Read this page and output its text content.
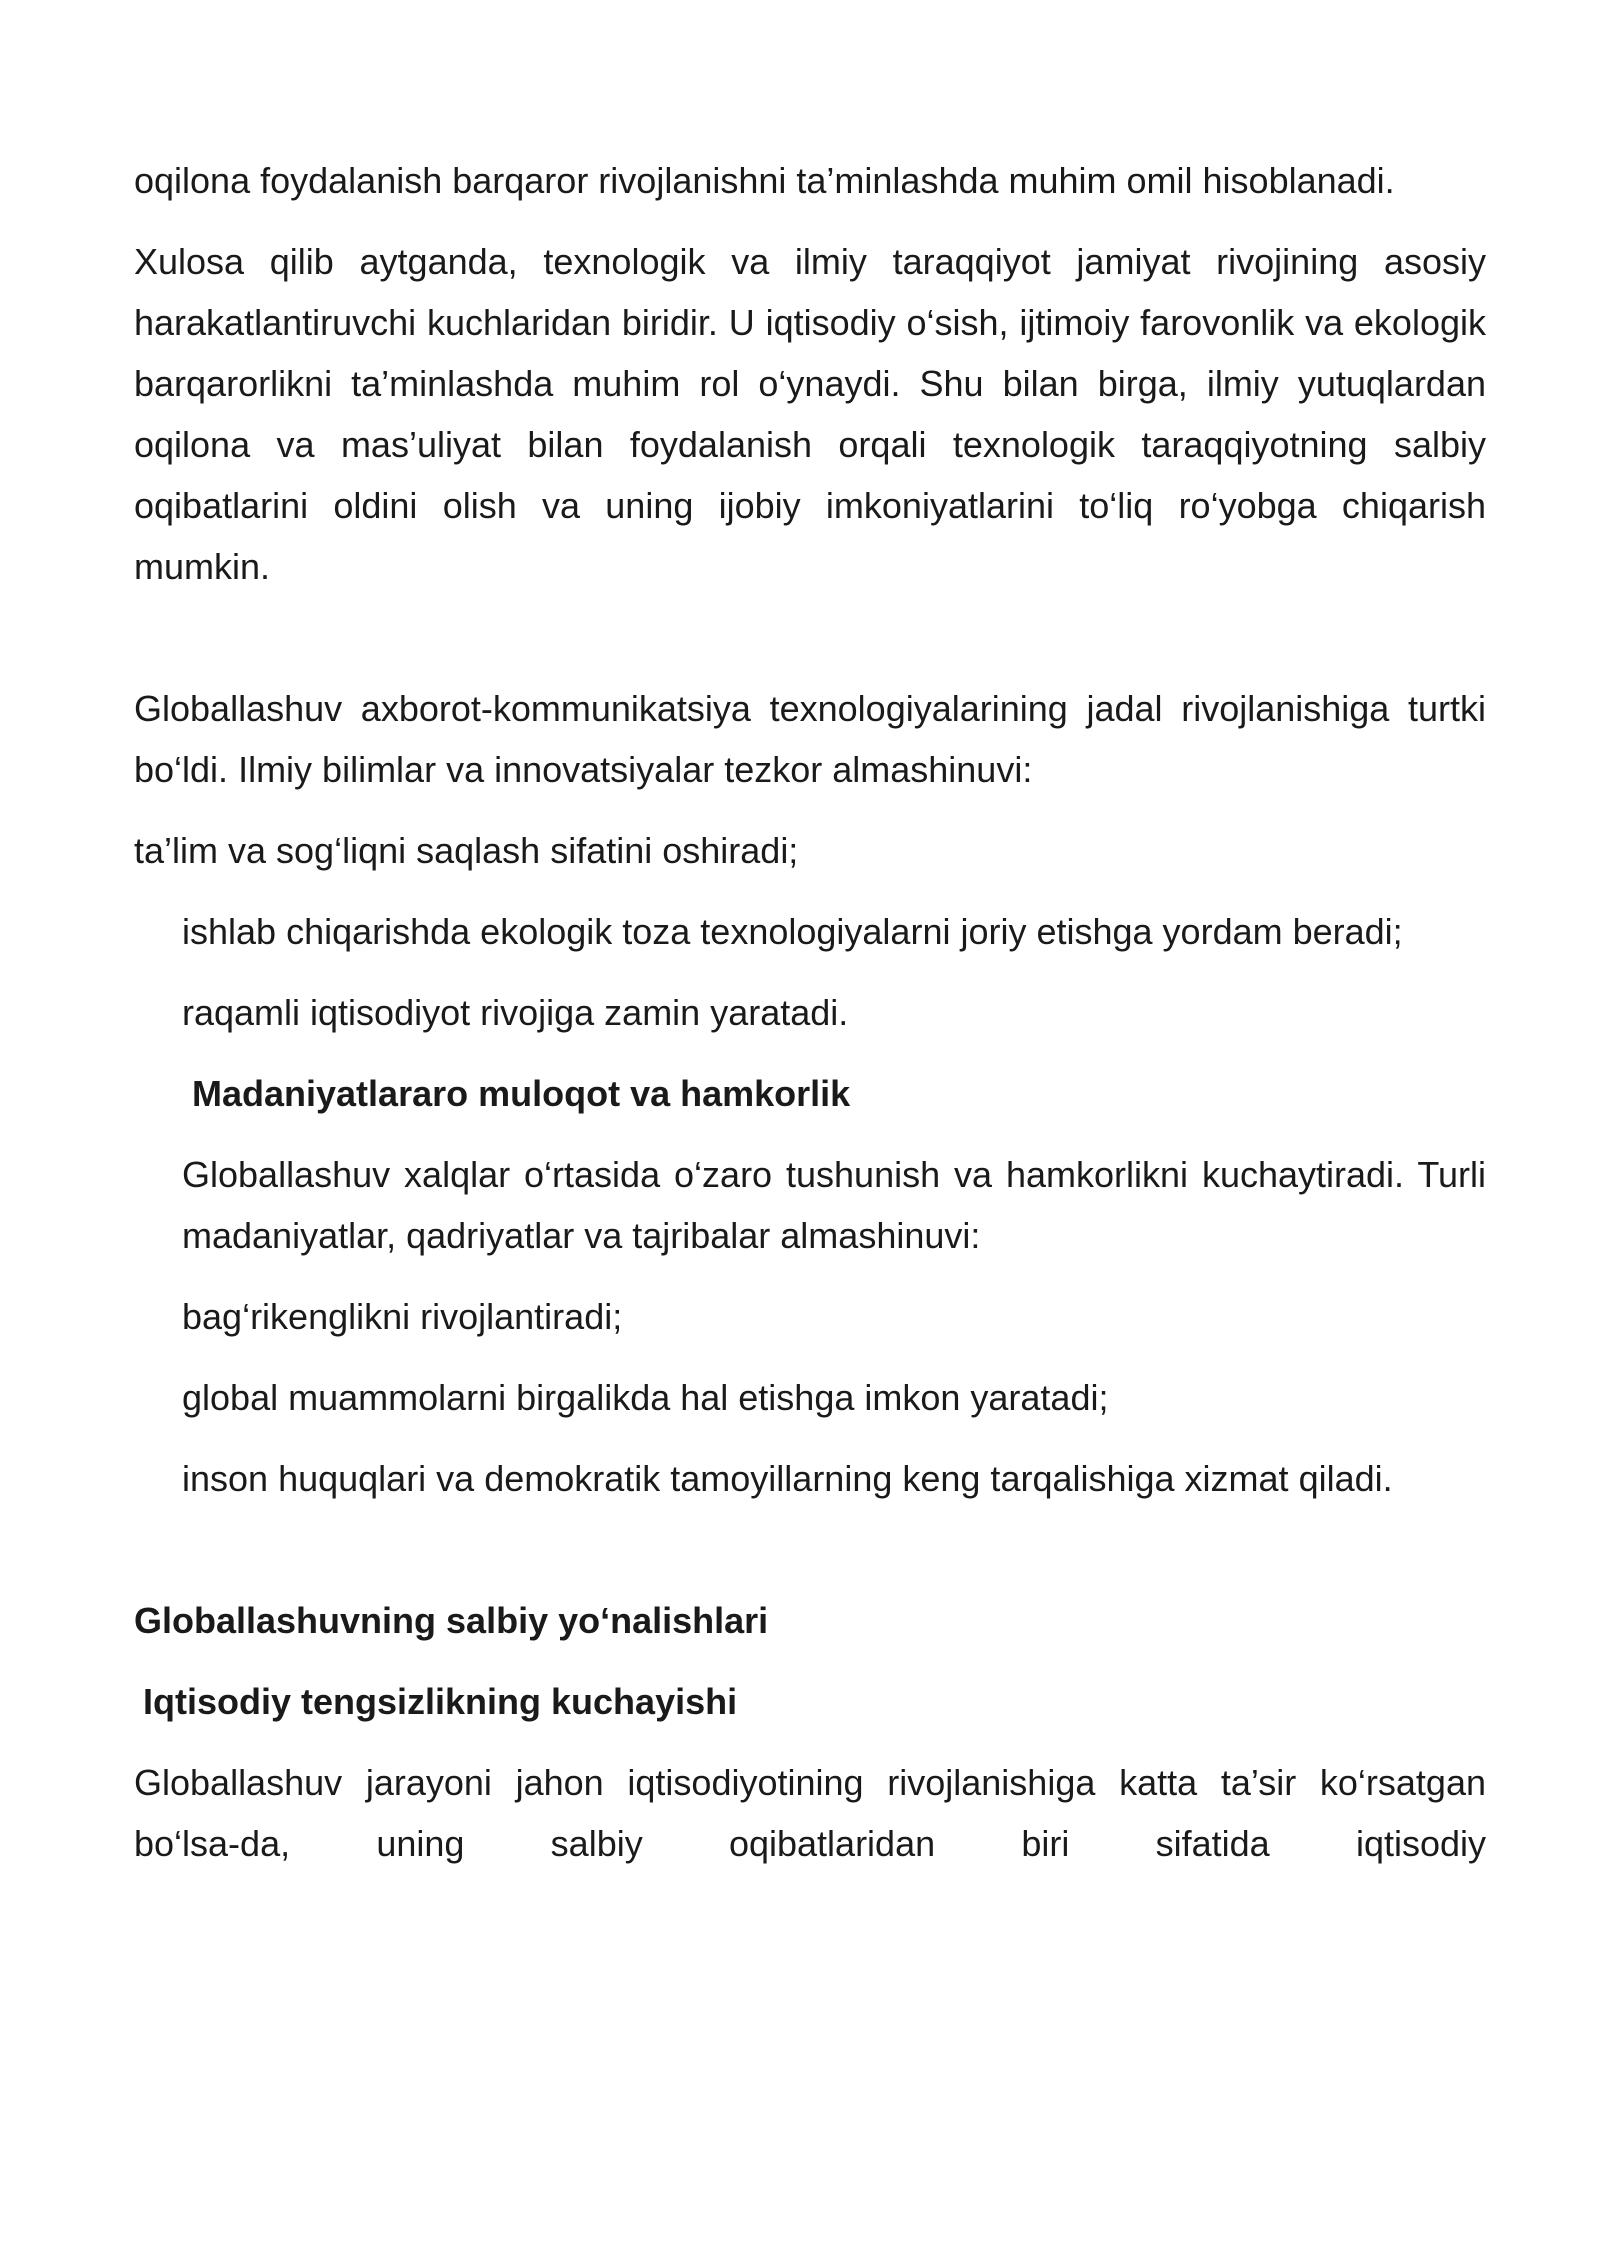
oqilona foydalanish barqaror rivojlanishni ta’minlashda muhim omil hisoblanadi.

Xulosa qilib aytganda, texnologik va ilmiy taraqqiyot jamiyat rivojining asosiy harakatlantiruvchi kuchlaridan biridir. U iqtisodiy o‘sish, ijtimoiy farovonlik va ekologik barqarorlikni ta’minlashda muhim rol o‘ynaydi. Shu bilan birga, ilmiy yutuqlardan oqilona va mas’uliyat bilan foydalanish orqali texnologik taraqqiyotning salbiy oqibatlarini oldini olish va uning ijobiy imkoniyatlarini to‘liq ro‘yobga chiqarish mumkin.

Globallashuv axborot-kommunikatsiya texnologiyalarining jadal rivojlanishiga turtki bo‘ldi. Ilmiy bilimlar va innovatsiyalar tezkor almashinuvi:

ta’lim va sog‘liqni saqlash sifatini oshiradi;

ishlab chiqarishda ekologik toza texnologiyalarni joriy etishga yordam beradi;

raqamli iqtisodiyot rivojiga zamin yaratadi.

Madaniyatlararo muloqot va hamkorlik

Globallashuv xalqlar o‘rtasida o‘zaro tushunish va hamkorlikni kuchaytiradi. Turli madaniyatlar, qadriyatlar va tajribalar almashinuvi:

bag‘rikenglikni rivojlantiradi;

global muammolarni birgalikda hal etishga imkon yaratadi;

inson huquqlari va demokratik tamoyillarning keng tarqalishiga xizmat qiladi.

Globallashuvning salbiy yo‘nalishlari

Iqtisodiy tengsizlikning kuchayishi

Globallashuv jarayoni jahon iqtisodiyotining rivojlanishiga katta ta’sir ko‘rsatgan bo‘lsa-da, uning salbiy oqibatlaridan biri sifatida iqtisodiy
